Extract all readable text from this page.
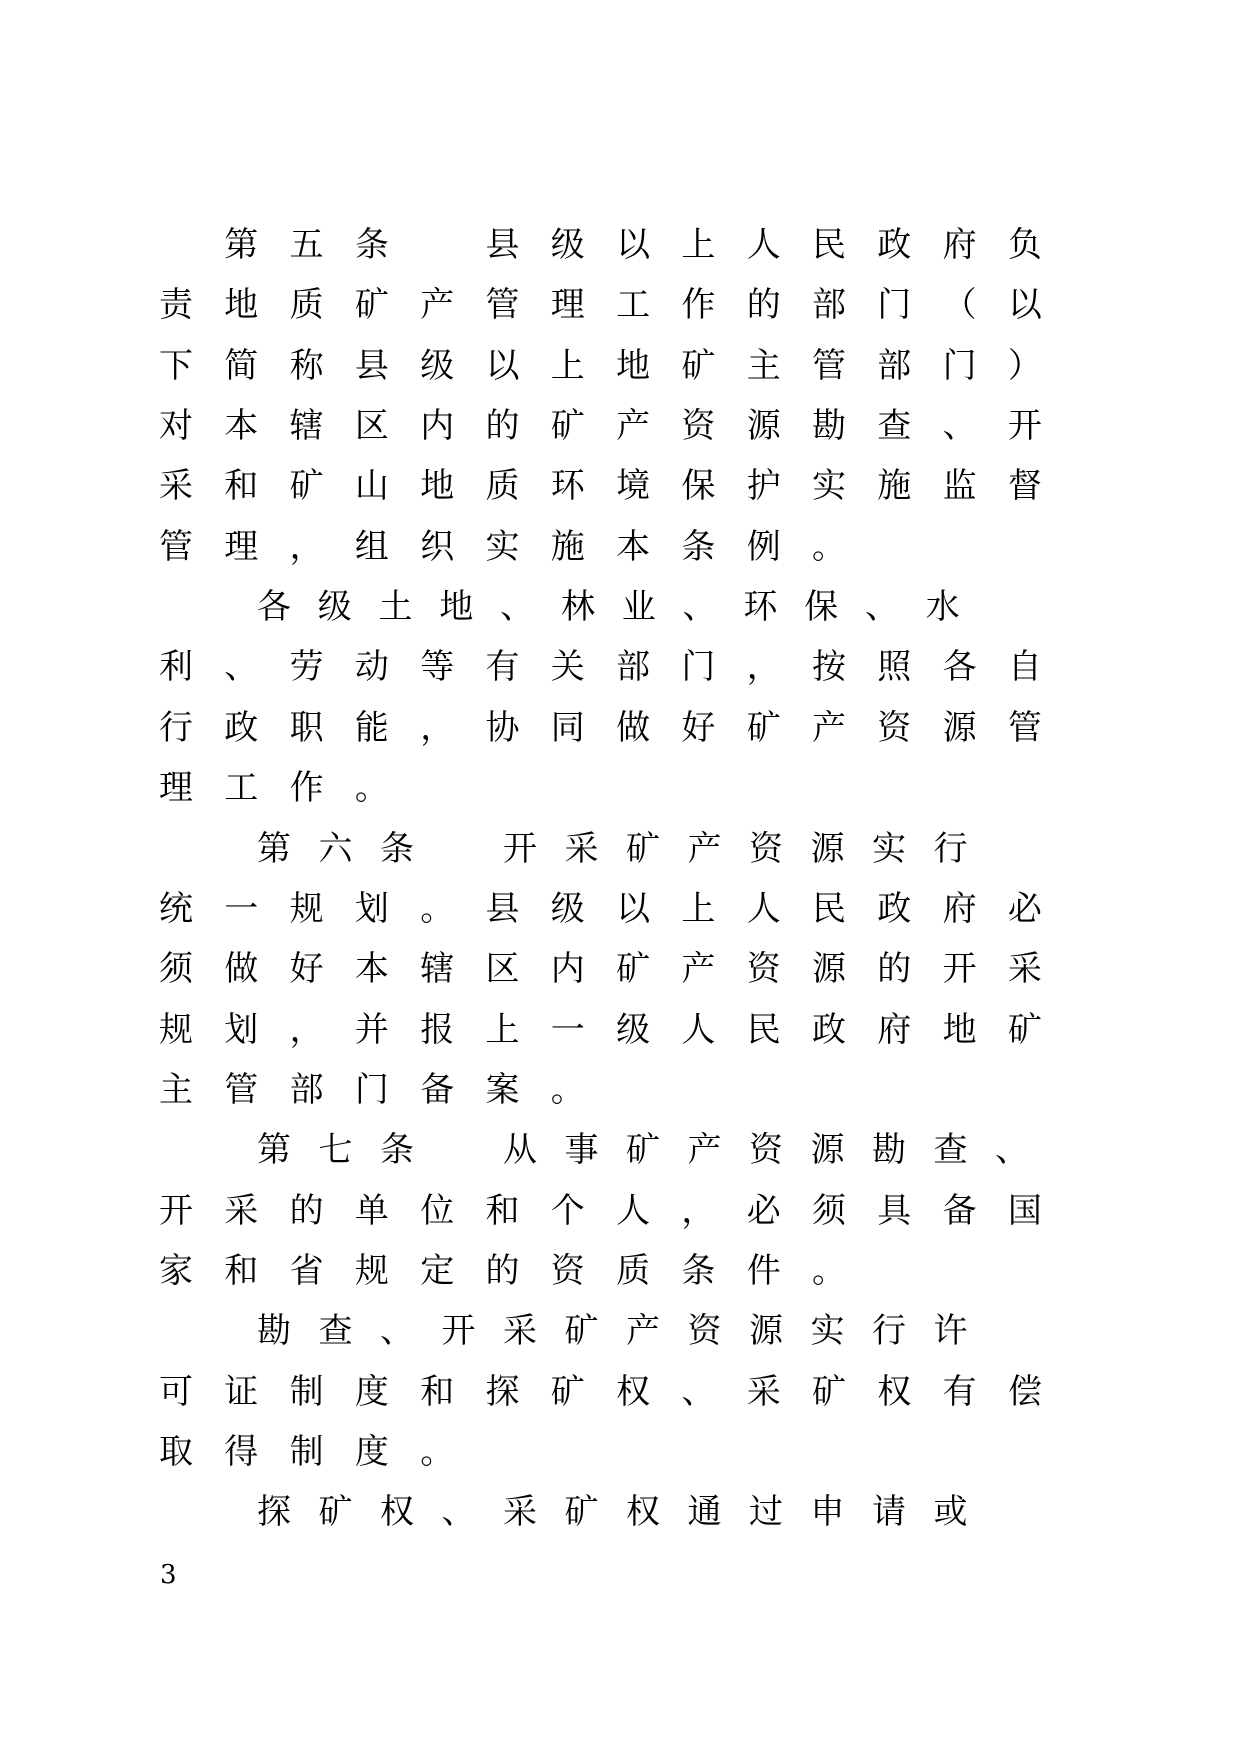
第 五 条
　	县 级 以 上 人 民 政 府 负
责 地 质 矿 产 管 理 工 作 的 部 门 （ 以
下 简 称 县 级 以 上 地 矿 主 管 部 门 ）
对 本 辖 区 内 的 矿 产 资 源 勘 查 、 开
采 和 矿 山 地 质 环 境 保 护 实 施 监 督
管 理 ， 组 织 实 施 本 条 例 。
各 级 土 地 、 林 业 、 环 保 、 水
利 、 劳 动 等 有 关 部 门 ， 按 照 各 自
行 政 职 能 ， 协 同 做 好 矿 产 资 源 管
理 工 作 。
第 六 条
　	开 采 矿 产 资 源 实 行
统 一 规 划 。 县 级 以 上 人 民 政 府 必
须 做 好 本 辖 区 内 矿 产 资 源 的 开 采
规 划 ， 并 报 上 一 级 人 民 政 府 地 矿
主 管 部 门 备 案 。
第 七 条
　	从 事 矿 产 资 源 勘 查 、
开 采 的 单 位 和 个 人 ， 必 须 具 备 国
家 和 省 规 定 的 资 质 条 件 。
勘 查 、 开 采 矿 产 资 源 实 行 许
可 证 制 度 和 探 矿 权 、 采 矿 权 有 偿
取 得 制 度 。
探 矿 权 、 采 矿 权 通 过 申 请 或
3
